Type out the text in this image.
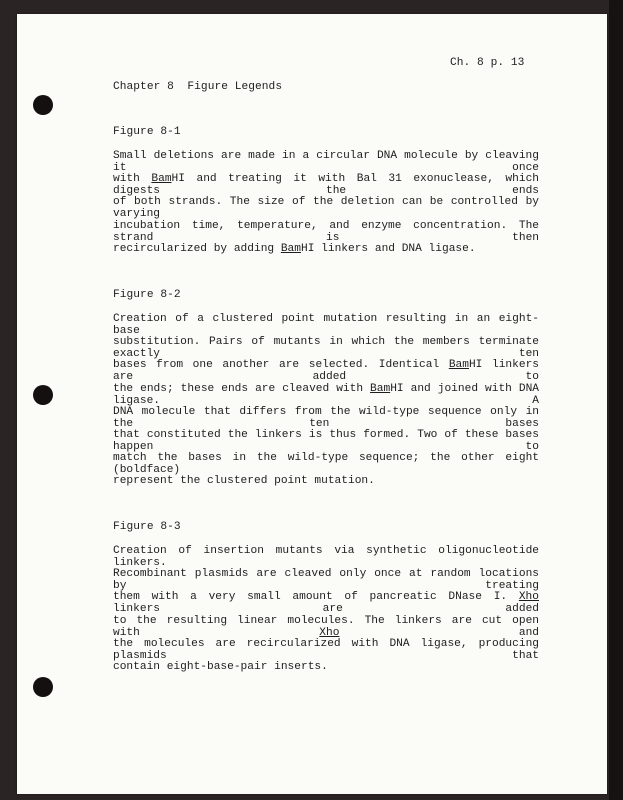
Ch. 8 p. 13
Chapter 8  Figure Legends
Figure 8-1
Small deletions are made in a circular DNA molecule by cleaving it once
with BamHI and treating it with Bal 31 exonuclease, which digests the ends
of both strands. The size of the deletion can be controlled by varying
incubation time, temperature, and enzyme concentration. The strand is then
recircularized by adding BamHI linkers and DNA ligase.
Figure 8-2
Creation of a clustered point mutation resulting in an eight-base
substitution. Pairs of mutants in which the members terminate exactly ten
bases from one another are selected. Identical BamHI linkers are added to
the ends; these ends are cleaved with BamHI and joined with DNA ligase. A
DNA molecule that differs from the wild-type sequence only in the ten bases
that constituted the linkers is thus formed. Two of these bases happen to
match the bases in the wild-type sequence; the other eight (boldface)
represent the clustered point mutation.
Figure 8-3
Creation of insertion mutants via synthetic oligonucleotide linkers.
Recombinant plasmids are cleaved only once at random locations by treating
them with a very small amount of pancreatic DNase I. Xho linkers are added
to the resulting linear molecules. The linkers are cut open with Xho and
the molecules are recircularized with DNA ligase, producing plasmids that
contain eight-base-pair inserts.
